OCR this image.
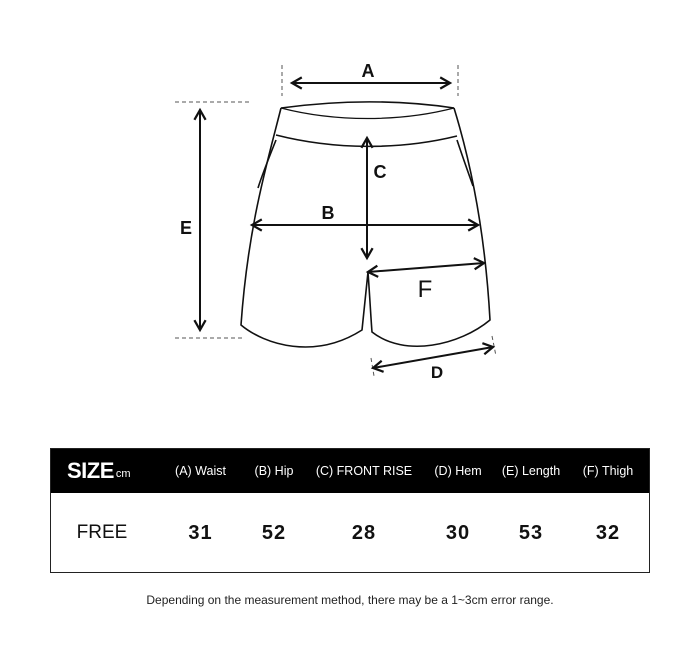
A
B
C
D
E
F
SIZE cm	(A) Waist	(B) Hip	(C) FRONT RISE	(D) Hem	(E) Length	(F) Thigh
FREE	31	52	28	30	53	32
Depending on the measurement method, there may be a 1~3cm error range.
